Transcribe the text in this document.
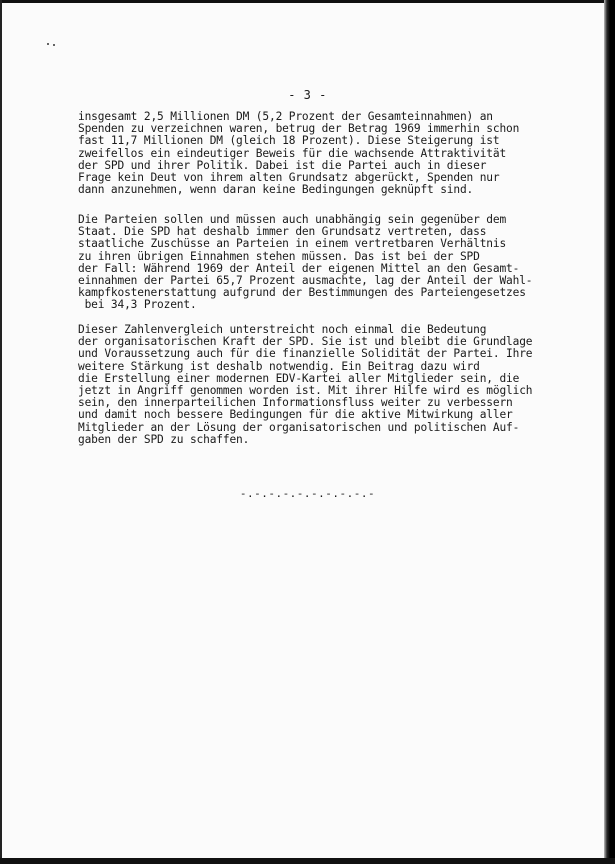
- 3 -

insgesamt 2,5 Millionen DM (5,2 Prozent der Gesamteinnahmen) an
Spenden zu verzeichnen waren, betrug der Betrag 1969 immerhin schon
fast 11,7 Millionen DM (gleich 18 Prozent). Diese Steigerung ist
zweifellos ein eindeutiger Beweis für die wachsende Attraktivität
der SPD und ihrer Politik. Dabei ist die Partei auch in dieser
Frage kein Deut von ihrem alten Grundsatz abgerückt, Spenden nur
dann anzunehmen, wenn daran keine Bedingungen geknüpft sind.

Die Parteien sollen und müssen auch unabhängig sein gegenüber dem
Staat. Die SPD hat deshalb immer den Grundsatz vertreten, dass
staatliche Zuschüsse an Parteien in einem vertretbaren Verhältnis
zu ihren übrigen Einnahmen stehen müssen. Das ist bei der SPD
der Fall: Während 1969 der Anteil der eigenen Mittel an den Gesamt-
einnahmen der Partei 65,7 Prozent ausmachte, lag der Anteil der Wahl-
kampfkostenerstattung aufgrund der Bestimmungen des Parteiengesetzes
bei 34,3 Prozent.

Dieser Zahlenvergleich unterstreicht noch einmal die Bedeutung
der organisatorischen Kraft der SPD. Sie ist und bleibt die Grundlage
und Voraussetzung auch für die finanzielle Solidität der Partei. Ihre
weitere Stärkung ist deshalb notwendig. Ein Beitrag dazu wird
die Erstellung einer modernen EDV-Kartei aller Mitglieder sein, die
jetzt in Angriff genommen worden ist. Mit ihrer Hilfe wird es möglich
sein, den innerparteilichen Informationsfluss weiter zu verbessern
und damit noch bessere Bedingungen für die aktive Mitwirkung aller
Mitglieder an der Lösung der organisatorischen und politischen Auf-
gaben der SPD zu schaffen.

-.-.-.-.-.-.-.-.-.-
